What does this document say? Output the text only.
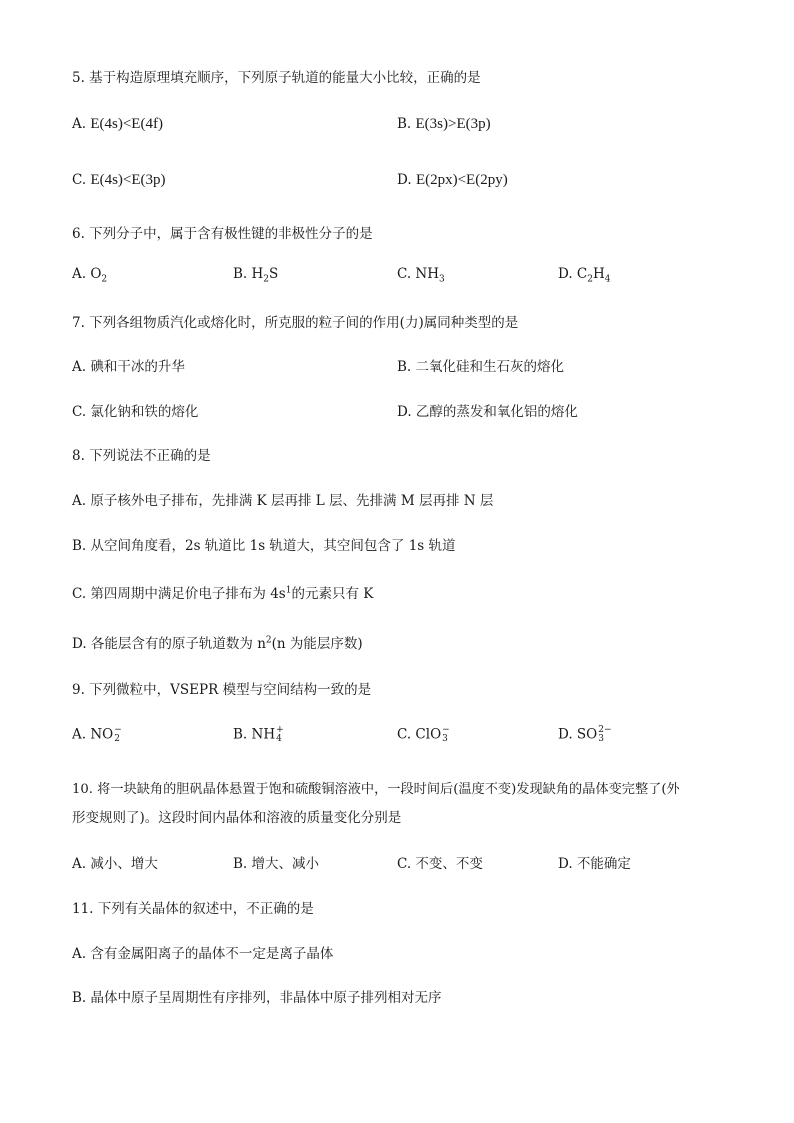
5. 基于构造原理填充顺序，下列原子轨道的能量大小比较，正确的是
A. E(4s)<E(4f)	B. E(3s)>E(3p)
C. E(4s)<E(3p)	D. E(2px)<E(2py)
6. 下列分子中，属于含有极性键的非极性分子的是
A. $O_2$	B. $H_2S$	C. $NH_3$	D. $C_2H_4$
7. 下列各组物质汽化或熔化时，所克服的粒子间的作用(力)属同种类型的是
A. 碘和干冰的升华	B. 二氧化硅和生石灰的熔化
C. 氯化钠和铁的熔化	D. 乙醇的蒸发和氧化铝的熔化
8. 下列说法不正确的是
A. 原子核外电子排布，先排满 K 层再排 L 层、先排满 M 层再排 N 层
B. 从空间角度看，2s 轨道比 1s 轨道大，其空间包含了 1s 轨道
C. 第四周期中满足价电子排布为 $4s^1$的元素只有 K
D. 各能层含有的原子轨道数为 $n^2(n$ 为能层序数)
9. 下列微粒中，VSEPR 模型与空间结构一致的是
A. NO −
2	B. NH +
4	C. ClO −
3	D. SO 2−
3
10. 将一块缺角的胆矾晶体悬置于饱和硫酸铜溶液中，一段时间后(温度不变)发现缺角的晶体变完整了(外
形变规则了)。这段时间内晶体和溶液的质量变化分别是
A. 减小、增大	B. 增大、减小	C. 不变、不变	D. 不能确定
11. 下列有关晶体的叙述中，不正确的是
A. 含有金属阳离子的晶体不一定是离子晶体
B. 晶体中原子呈周期性有序排列，非晶体中原子排列相对无序
